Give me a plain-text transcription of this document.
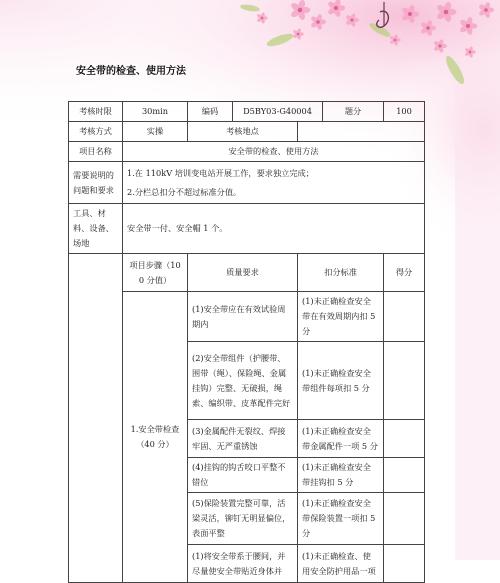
安全带的检查、使用方法
考核时限	30min	编码	D5BY03-G40004		题分	100
考核方式	实操	考核地点				
项目名称	安全带的检查、使用方法					
需要说明的问题和要求	1.在 110kV 培训变电站开展工作，要求独立完成；
2.分栏总扣分不超过标准分值。					

工具、材料、设备、场地	安全带一付、安全帽 1 个。					
	项目步骤（100 分值）	质量要求		扣分标准		得分
	1.安全带检查（40 分）	(1)安全带应在有效试验周期内		(1)未正确检查安全带在有效周期内扣 5 分		
		(2)安全带组件（护腰带、围带（绳）、保险绳、金属挂钩）完整、无破损，绳索、编织带、皮革配件完好		(1)未正确检查安全带组件每项扣 5 分		
		(3)金属配件无裂纹、焊接牢固、无严重锈蚀		(1)未正确检查安全带金属配件一项 5 分		
		(4)挂钩的钩舌咬口平整不错位		(1)未正确检查安全带挂钩扣 5 分		
		(5)保险装置完整可靠，活梁灵活，铆钉无明显偏位，表面平整		(1)未正确检查安全带保险装置一项扣 5 分		
		(1)将安全带系于腰间，并尽量使安全带贴近身体并		(1)未正确检查、使用安全防护用品一项		
